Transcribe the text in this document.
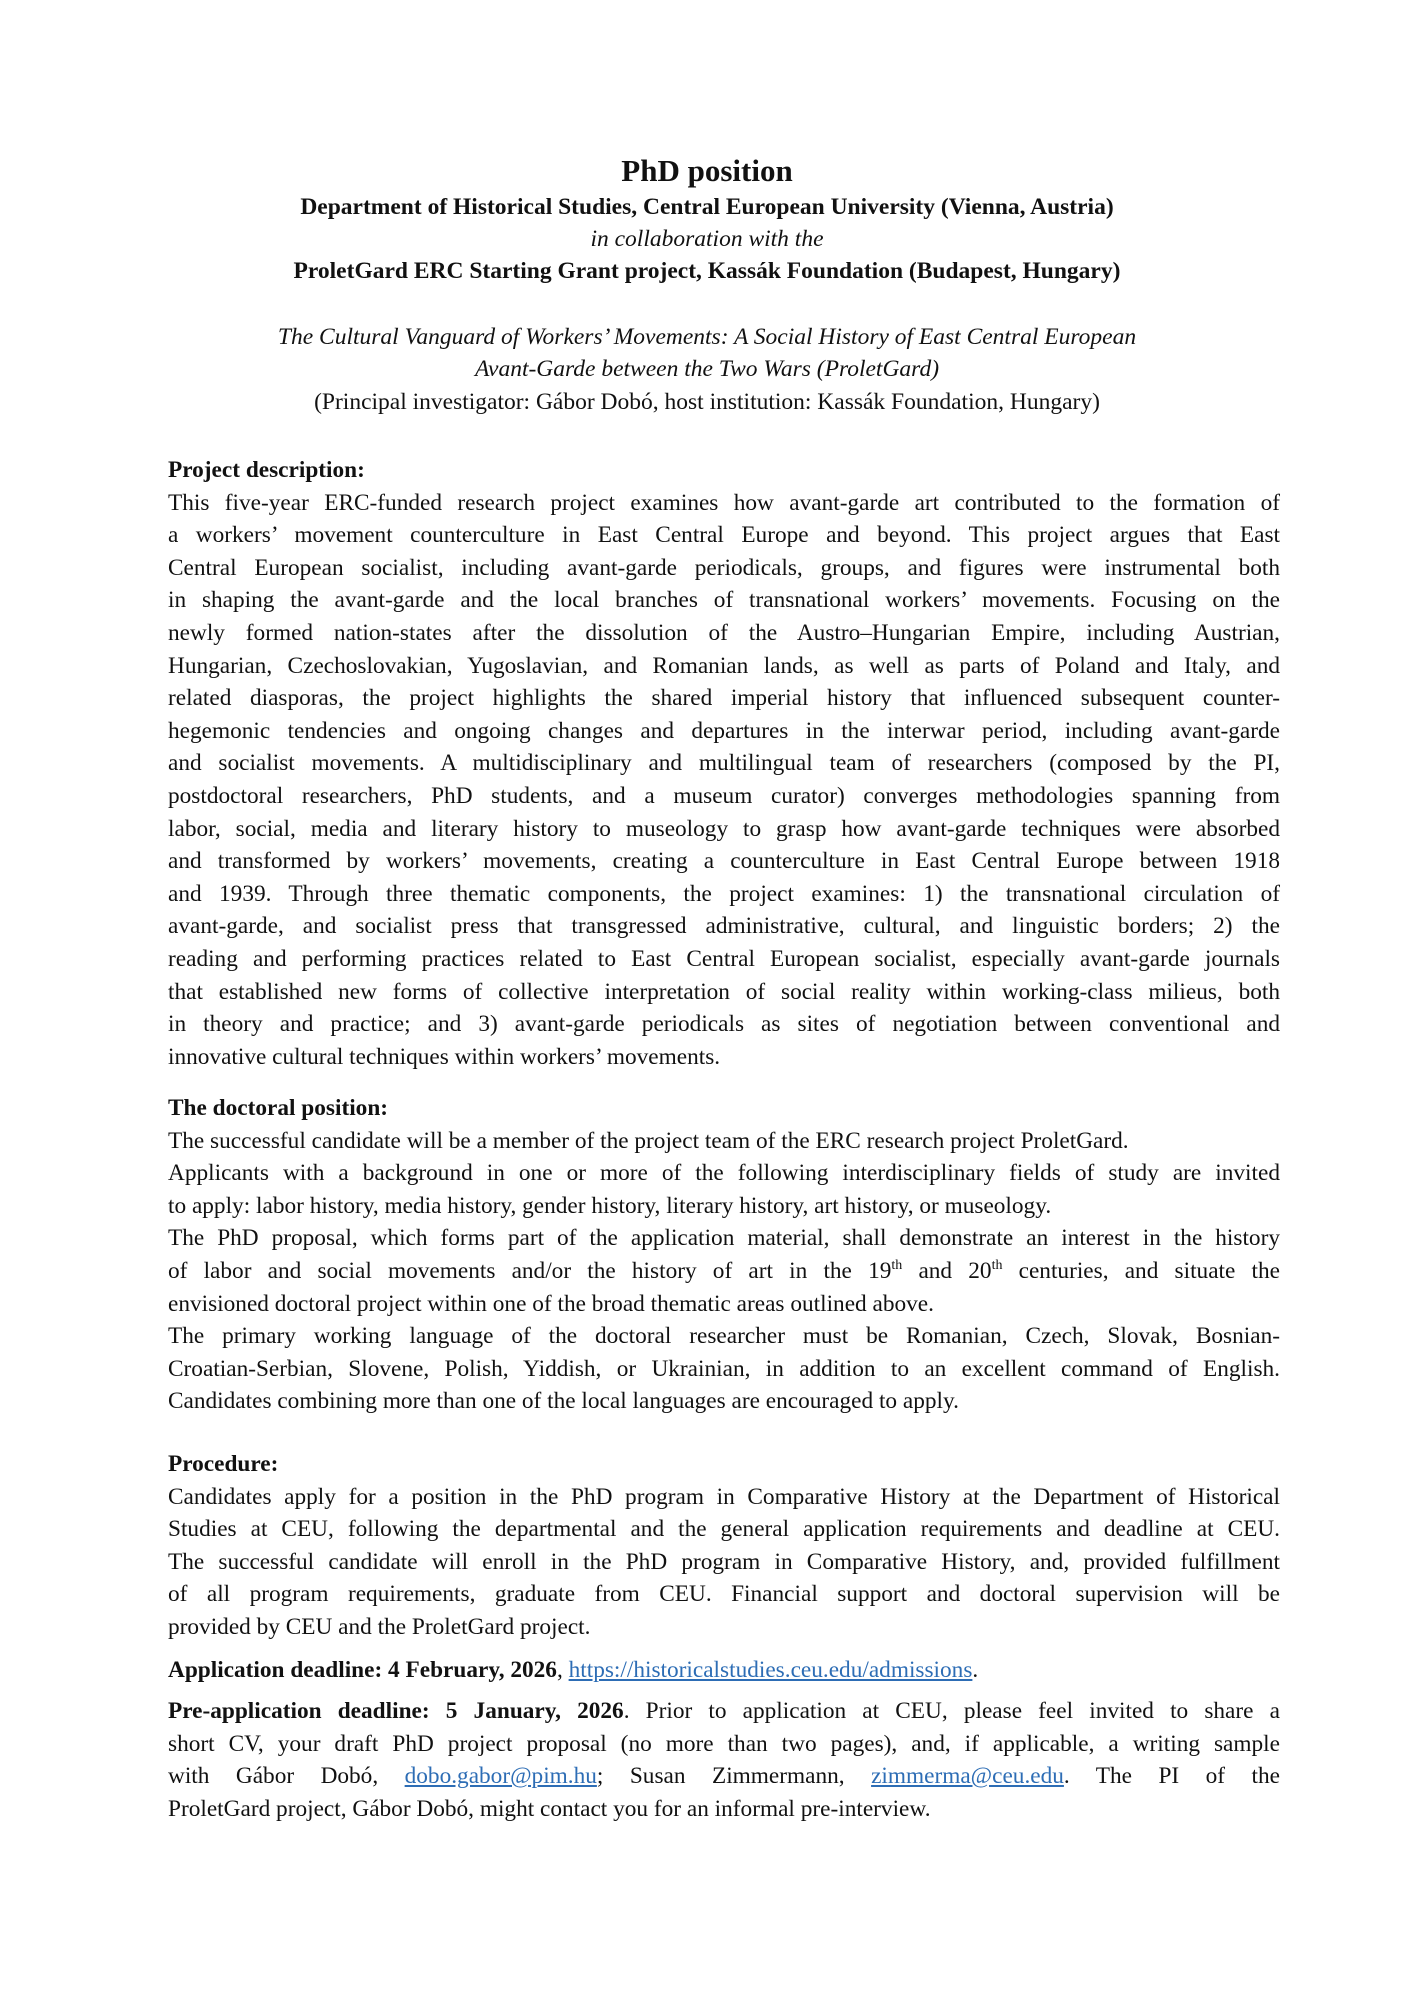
PhD position
Department of Historical Studies, Central European University (Vienna, Austria)
in collaboration with the
ProletGard ERC Starting Grant project, Kassák Foundation (Budapest, Hungary)
The Cultural Vanguard of Workers’ Movements: A Social History of East Central European
Avant-Garde between the Two Wars (ProletGard)
(Principal investigator: Gábor Dobó, host institution: Kassák Foundation, Hungary)
Project description:
This five-year ERC-funded research project examines how avant-garde art contributed to the formation of
a workers’ movement counterculture in East Central Europe and beyond. This project argues that East
Central European socialist, including avant-garde periodicals, groups, and figures were instrumental both
in shaping the avant-garde and the local branches of transnational workers’ movements. Focusing on the
newly formed nation-states after the dissolution of the Austro–Hungarian Empire, including Austrian,
Hungarian, Czechoslovakian, Yugoslavian, and Romanian lands, as well as parts of Poland and Italy, and
related diasporas, the project highlights the shared imperial history that influenced subsequent counter-
hegemonic tendencies and ongoing changes and departures in the interwar period, including avant-garde
and socialist movements. A multidisciplinary and multilingual team of researchers (composed by the PI,
postdoctoral researchers, PhD students, and a museum curator) converges methodologies spanning from
labor, social, media and literary history to museology to grasp how avant-garde techniques were absorbed
and transformed by workers’ movements, creating a counterculture in East Central Europe between 1918
and 1939. Through three thematic components, the project examines: 1) the transnational circulation of
avant-garde, and socialist press that transgressed administrative, cultural, and linguistic borders; 2) the
reading and performing practices related to East Central European socialist, especially avant-garde journals
that established new forms of collective interpretation of social reality within working-class milieus, both
in theory and practice; and 3) avant-garde periodicals as sites of negotiation between conventional and
innovative cultural techniques within workers’ movements.
The doctoral position:
The successful candidate will be a member of the project team of the ERC research project ProletGard.
Applicants with a background in one or more of the following interdisciplinary fields of study are invited
to apply: labor history, media history, gender history, literary history, art history, or museology.
The PhD proposal, which forms part of the application material, shall demonstrate an interest in the history
of labor and social movements and/or the history of art in the 19th and 20th centuries, and situate the
envisioned doctoral project within one of the broad thematic areas outlined above.
The primary working language of the doctoral researcher must be Romanian, Czech, Slovak, Bosnian-
Croatian-Serbian, Slovene, Polish, Yiddish, or Ukrainian, in addition to an excellent command of English.
Candidates combining more than one of the local languages are encouraged to apply.
Procedure:
Candidates apply for a position in the PhD program in Comparative History at the Department of Historical
Studies at CEU, following the departmental and the general application requirements and deadline at CEU.
The successful candidate will enroll in the PhD program in Comparative History, and, provided fulfillment
of all program requirements, graduate from CEU. Financial support and doctoral supervision will be
provided by CEU and the ProletGard project.
Application deadline: 4 February, 2026, https://historicalstudies.ceu.edu/admissions.
Pre-application deadline: 5 January, 2026. Prior to application at CEU, please feel invited to share a
short CV, your draft PhD project proposal (no more than two pages), and, if applicable, a writing sample
with Gábor Dobó, dobo.gabor@pim.hu; Susan Zimmermann, zimmerma@ceu.edu. The PI of the
ProletGard project, Gábor Dobó, might contact you for an informal pre-interview.
